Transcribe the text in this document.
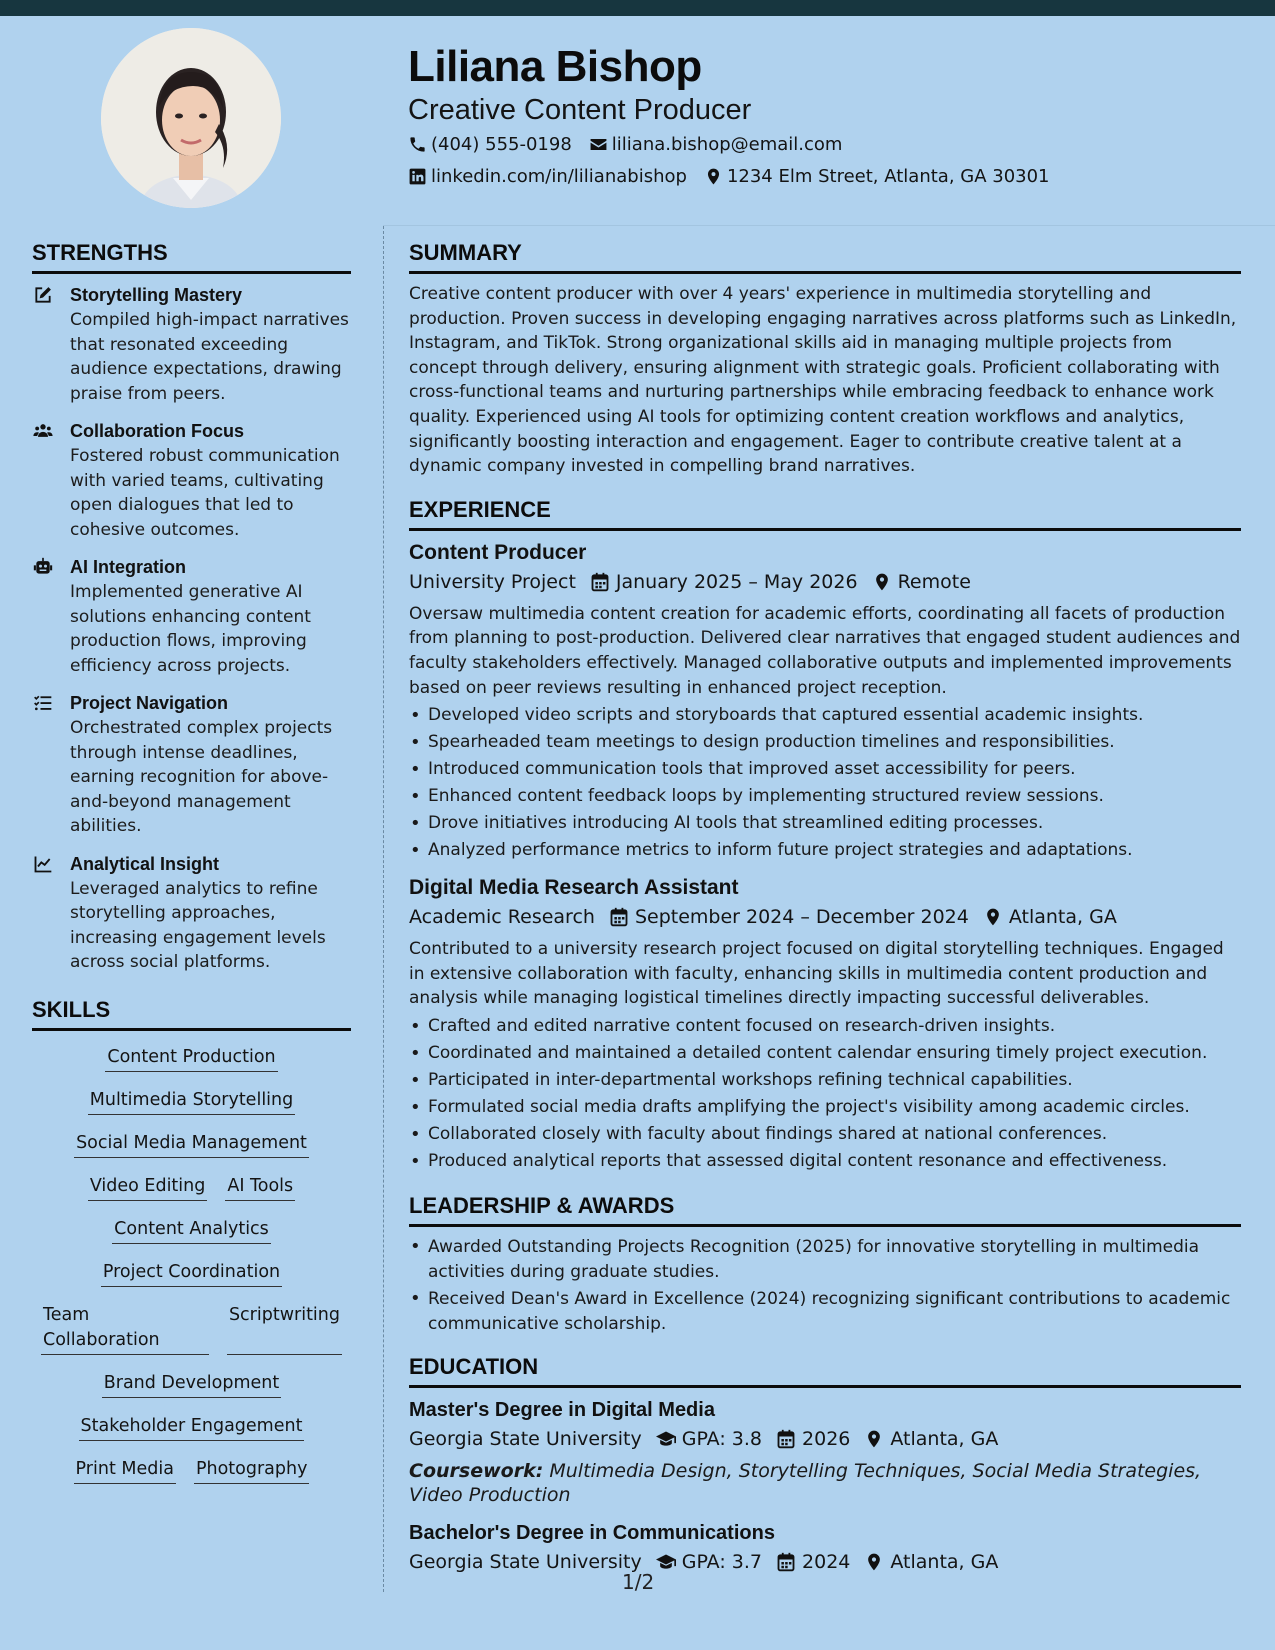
Liliana Bishop
Creative Content Producer
(404) 555-0198 liliana.bishop@email.com
linkedin.com/in/lilianabishop 1234 Elm Street, Atlanta, GA 30301
STRENGTHS
Storytelling Mastery
Compiled high-impact narratives that resonated exceeding audience expectations, drawing praise from peers.
Collaboration Focus
Fostered robust communication with varied teams, cultivating open dialogues that led to cohesive outcomes.
AI Integration
Implemented generative AI solutions enhancing content production flows, improving efficiency across projects.
Project Navigation
Orchestrated complex projects through intense deadlines, earning recognition for above-and-beyond management abilities.
Analytical Insight
Leveraged analytics to refine storytelling approaches, increasing engagement levels across social platforms.
SKILLS
Content Production
Multimedia Storytelling
Social Media Management
Video Editing AI Tools
Content Analytics
Project Coordination
Team Collaboration
Scriptwriting
Brand Development
Stakeholder Engagement
Print Media Photography
SUMMARY
Creative content producer with over 4 years' experience in multimedia storytelling and production. Proven success in developing engaging narratives across platforms such as LinkedIn, Instagram, and TikTok. Strong organizational skills aid in managing multiple projects from concept through delivery, ensuring alignment with strategic goals. Proficient collaborating with cross-functional teams and nurturing partnerships while embracing feedback to enhance work quality. Experienced using AI tools for optimizing content creation workflows and analytics, significantly boosting interaction and engagement. Eager to contribute creative talent at a dynamic company invested in compelling brand narratives.
EXPERIENCE
Content Producer
University Project January 2025 – May 2026 Remote
Oversaw multimedia content creation for academic efforts, coordinating all facets of production from planning to post-production. Delivered clear narratives that engaged student audiences and faculty stakeholders effectively. Managed collaborative outputs and implemented improvements based on peer reviews resulting in enhanced project reception.
• Developed video scripts and storyboards that captured essential academic insights.
• Spearheaded team meetings to design production timelines and responsibilities.
• Introduced communication tools that improved asset accessibility for peers.
• Enhanced content feedback loops by implementing structured review sessions.
• Drove initiatives introducing AI tools that streamlined editing processes.
• Analyzed performance metrics to inform future project strategies and adaptations.
Digital Media Research Assistant
Academic Research September 2024 – December 2024 Atlanta, GA
Contributed to a university research project focused on digital storytelling techniques. Engaged in extensive collaboration with faculty, enhancing skills in multimedia content production and analysis while managing logistical timelines directly impacting successful deliverables.
• Crafted and edited narrative content focused on research-driven insights.
• Coordinated and maintained a detailed content calendar ensuring timely project execution.
• Participated in inter-departmental workshops refining technical capabilities.
• Formulated social media drafts amplifying the project's visibility among academic circles.
• Collaborated closely with faculty about findings shared at national conferences.
• Produced analytical reports that assessed digital content resonance and effectiveness.
LEADERSHIP & AWARDS
• Awarded Outstanding Projects Recognition (2025) for innovative storytelling in multimedia activities during graduate studies.
• Received Dean's Award in Excellence (2024) recognizing significant contributions to academic communicative scholarship.
EDUCATION
Master's Degree in Digital Media
Georgia State University GPA: 3.8 2026 Atlanta, GA
Coursework: Multimedia Design, Storytelling Techniques, Social Media Strategies, Video Production
Bachelor's Degree in Communications
Georgia State University GPA: 3.7 2024 Atlanta, GA
1/2
